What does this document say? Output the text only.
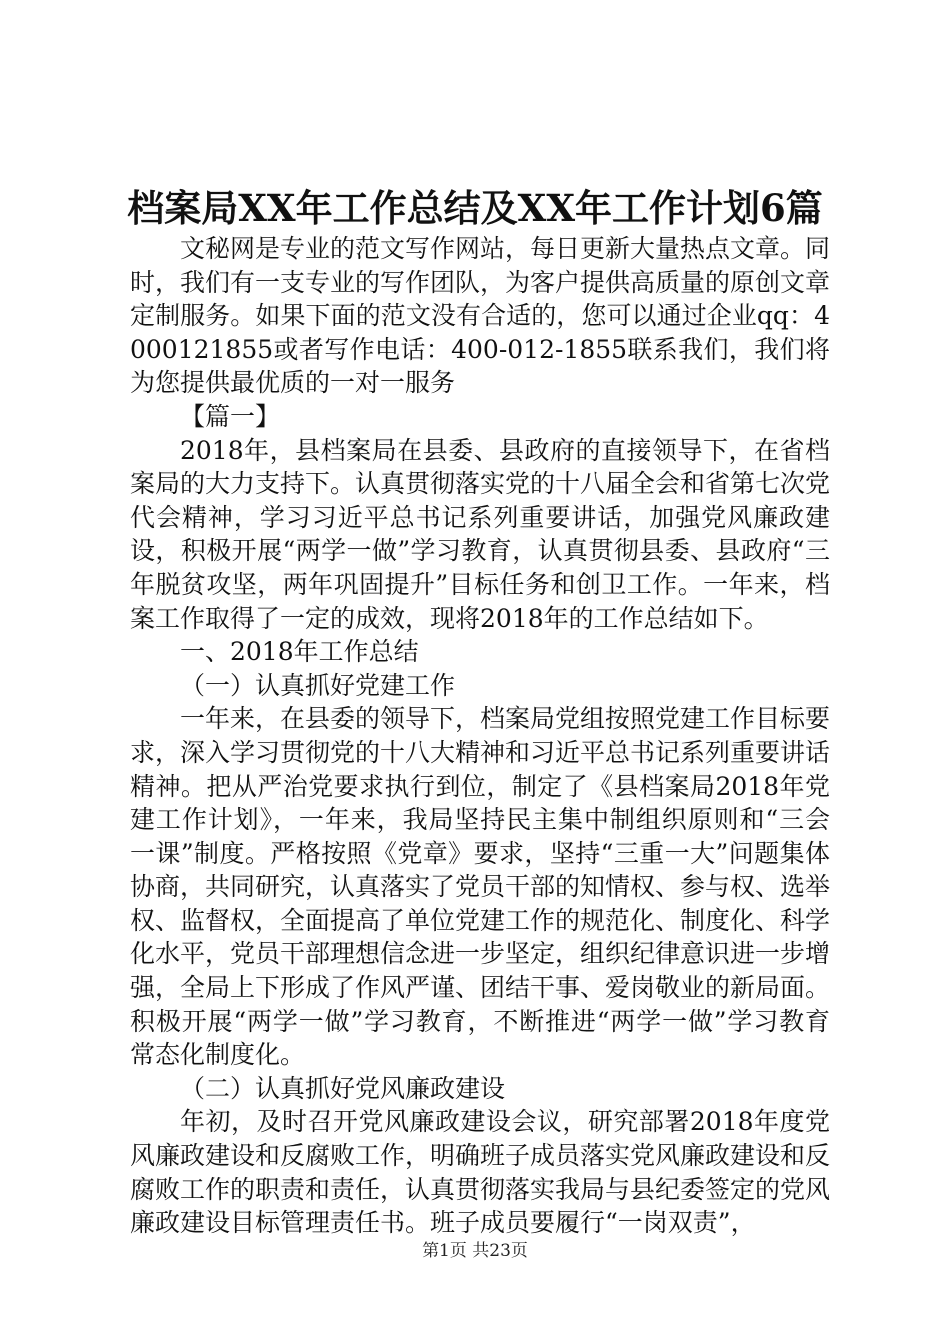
档案局XX年工作总结及XX年工作计划6篇

文秘网是专业的范文写作网站，每日更新大量热点文章。同时，我们有一支专业的写作团队，为客户提供高质量的原创文章定制服务。如果下面的范文没有合适的，您可以通过企业qq：4000121855或者写作电话：400-012-1855联系我们，我们将为您提供最优质的一对一服务

【篇一】

2018年，县档案局在县委、县政府的直接领导下，在省档案局的大力支持下。认真贯彻落实党的十八届全会和省第七次党代会精神，学习习近平总书记系列重要讲话，加强党风廉政建设，积极开展“两学一做”学习教育，认真贯彻县委、县政府“三年脱贫攻坚，两年巩固提升”目标任务和创卫工作。一年来，档案工作取得了一定的成效，现将2018年的工作总结如下。

一、2018年工作总结

（一）认真抓好党建工作

一年来，在县委的领导下，档案局党组按照党建工作目标要求，深入学习贯彻党的十八大精神和习近平总书记系列重要讲话精神。把从严治党要求执行到位，制定了《县档案局2018年党建工作计划》，一年来，我局坚持民主集中制组织原则和“三会一课”制度。严格按照《党章》要求，坚持“三重一大”问题集体协商，共同研究，认真落实了党员干部的知情权、参与权、选举权、监督权，全面提高了单位党建工作的规范化、制度化、科学化水平，党员干部理想信念进一步坚定，组织纪律意识进一步增强，全局上下形成了作风严谨、团结干事、爱岗敬业的新局面。积极开展“两学一做”学习教育，不断推进“两学一做”学习教育常态化制度化。

（二）认真抓好党风廉政建设

年初，及时召开党风廉政建设会议，研究部署2018年度党风廉政建设和反腐败工作，明确班子成员落实党风廉政建设和反腐败工作的职责和责任，认真贯彻落实我局与县纪委签定的党风廉政建设目标管理责任书。班子成员要履行“一岗双责”，

第1页 共23页
